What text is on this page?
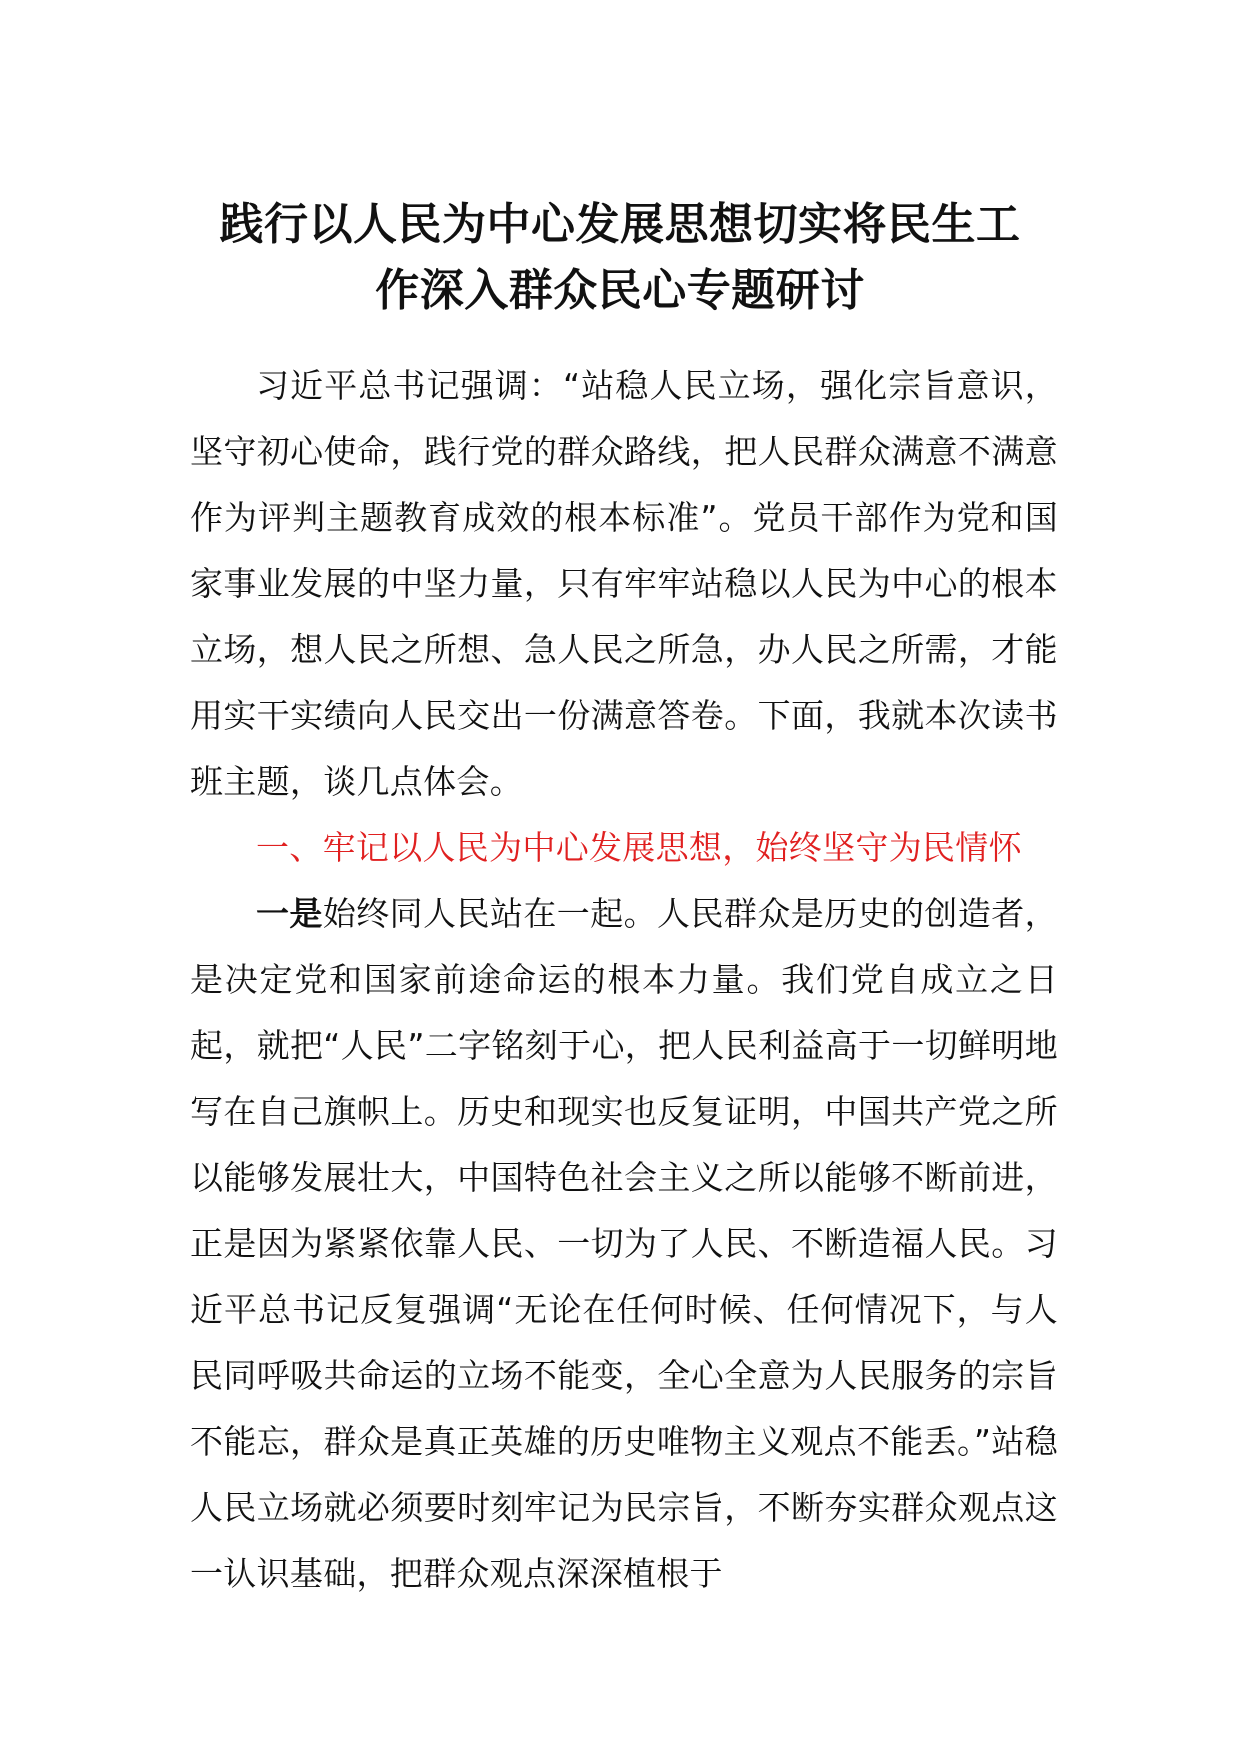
践行以人民为中心发展思想切实将民生工
作深入群众民心专题研讨

习近平总书记强调：“站稳人民立场，强化宗旨意识，坚守初心使命，践行党的群众路线，把人民群众满意不满意作为评判主题教育成效的根本标准”。党员干部作为党和国家事业发展的中坚力量，只有牢牢站稳以人民为中心的根本立场，想人民之所想、急人民之所急，办人民之所需，才能用实干实绩向人民交出一份满意答卷。下面，我就本次读书班主题，谈几点体会。

一、牢记以人民为中心发展思想，始终坚守为民情怀

一是始终同人民站在一起。人民群众是历史的创造者，是决定党和国家前途命运的根本力量。我们党自成立之日起，就把“人民”二字铭刻于心，把人民利益高于一切鲜明地写在自己旗帜上。历史和现实也反复证明，中国共产党之所以能够发展壮大，中国特色社会主义之所以能够不断前进，正是因为紧紧依靠人民、一切为了人民、不断造福人民。习近平总书记反复强调“无论在任何时候、任何情况下，与人民同呼吸共命运的立场不能变，全心全意为人民服务的宗旨不能忘，群众是真正英雄的历史唯物主义观点不能丢。”站稳人民立场就必须要时刻牢记为民宗旨，不断夯实群众观点这一认识基础，把群众观点深深植根于
